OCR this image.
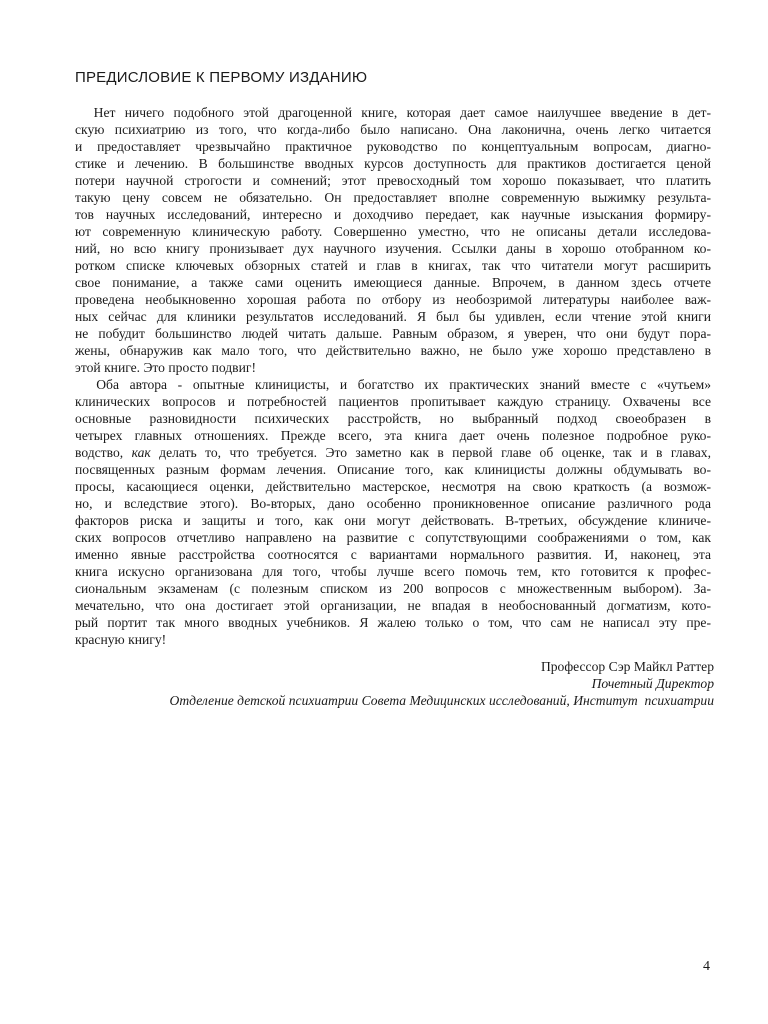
ПРЕДИСЛОВИЕ К ПЕРВОМУ ИЗДАНИЮ
Нет ничего подобного этой драгоценной книге, которая дает самое наилучшее введение в дет-
скую психиатрию из того, что когда-либо было написано. Она лаконична, очень легко читается
и предоставляет чрезвычайно практичное руководство по концептуальным вопросам, диагно-
стике и лечению. В большинстве вводных курсов доступность для практиков достигается ценой
потери научной строгости и сомнений; этот превосходный том хорошо показывает, что платить
такую цену совсем не обязательно. Он предоставляет вполне современную выжимку результа-
тов научных исследований, интересно и доходчиво передает, как научные изыскания формиру-
ют современную клиническую работу. Совершенно уместно, что не описаны детали исследова-
ний, но всю книгу пронизывает дух научного изучения. Ссылки даны в хорошо отобранном ко-
ротком списке ключевых обзорных статей и глав в книгах, так что читатели могут расширить
свое понимание, а также сами оценить имеющиеся данные. Впрочем, в данном здесь отчете
проведена необыкновенно хорошая работа по отбору из необозримой литературы наиболее важ-
ных сейчас для клиники результатов исследований. Я был бы удивлен, если чтение этой книги
не побудит большинство людей читать дальше. Равным образом, я уверен, что они будут пора-
жены, обнаружив как мало того, что действительно важно, не было уже хорошо представлено в
этой книге. Это просто подвиг!
Оба автора - опытные клиницисты, и богатство их практических знаний вместе с «чутьем»
клинических вопросов и потребностей пациентов пропитывает каждую страницу. Охвачены все
основные разновидности психических расстройств, но выбранный подход своеобразен в
четырех главных отношениях. Прежде всего, эта книга дает очень полезное подробное руко-
водство, как делать то, что требуется. Это заметно как в первой главе об оценке, так и в главах,
посвященных разным формам лечения. Описание того, как клиницисты должны обдумывать во-
просы, касающиеся оценки, действительно мастерское, несмотря на свою краткость (а возмож-
но, и вследствие этого). Во-вторых, дано особенно проникновенное описание различного рода
факторов риска и защиты и того, как они могут действовать. В-третьих, обсуждение клиниче-
ских вопросов отчетливо направлено на развитие с сопутствующими соображениями о том, как
именно явные расстройства соотносятся с вариантами нормального развития. И, наконец, эта
книга искусно организована для того, чтобы лучше всего помочь тем, кто готовится к профес-
сиональным экзаменам (с полезным списком из 200 вопросов с множественным выбором). За-
мечательно, что она достигает этой организации, не впадая в необоснованный догматизм, кото-
рый портит так много вводных учебников. Я жалею только о том, что сам не написал эту пре-
красную книгу!
Профессор Сэр Майкл Раттер
Почетный Директор
Отделение детской психиатрии Совета Медицинских исследований, Институт  психиатрии
4
